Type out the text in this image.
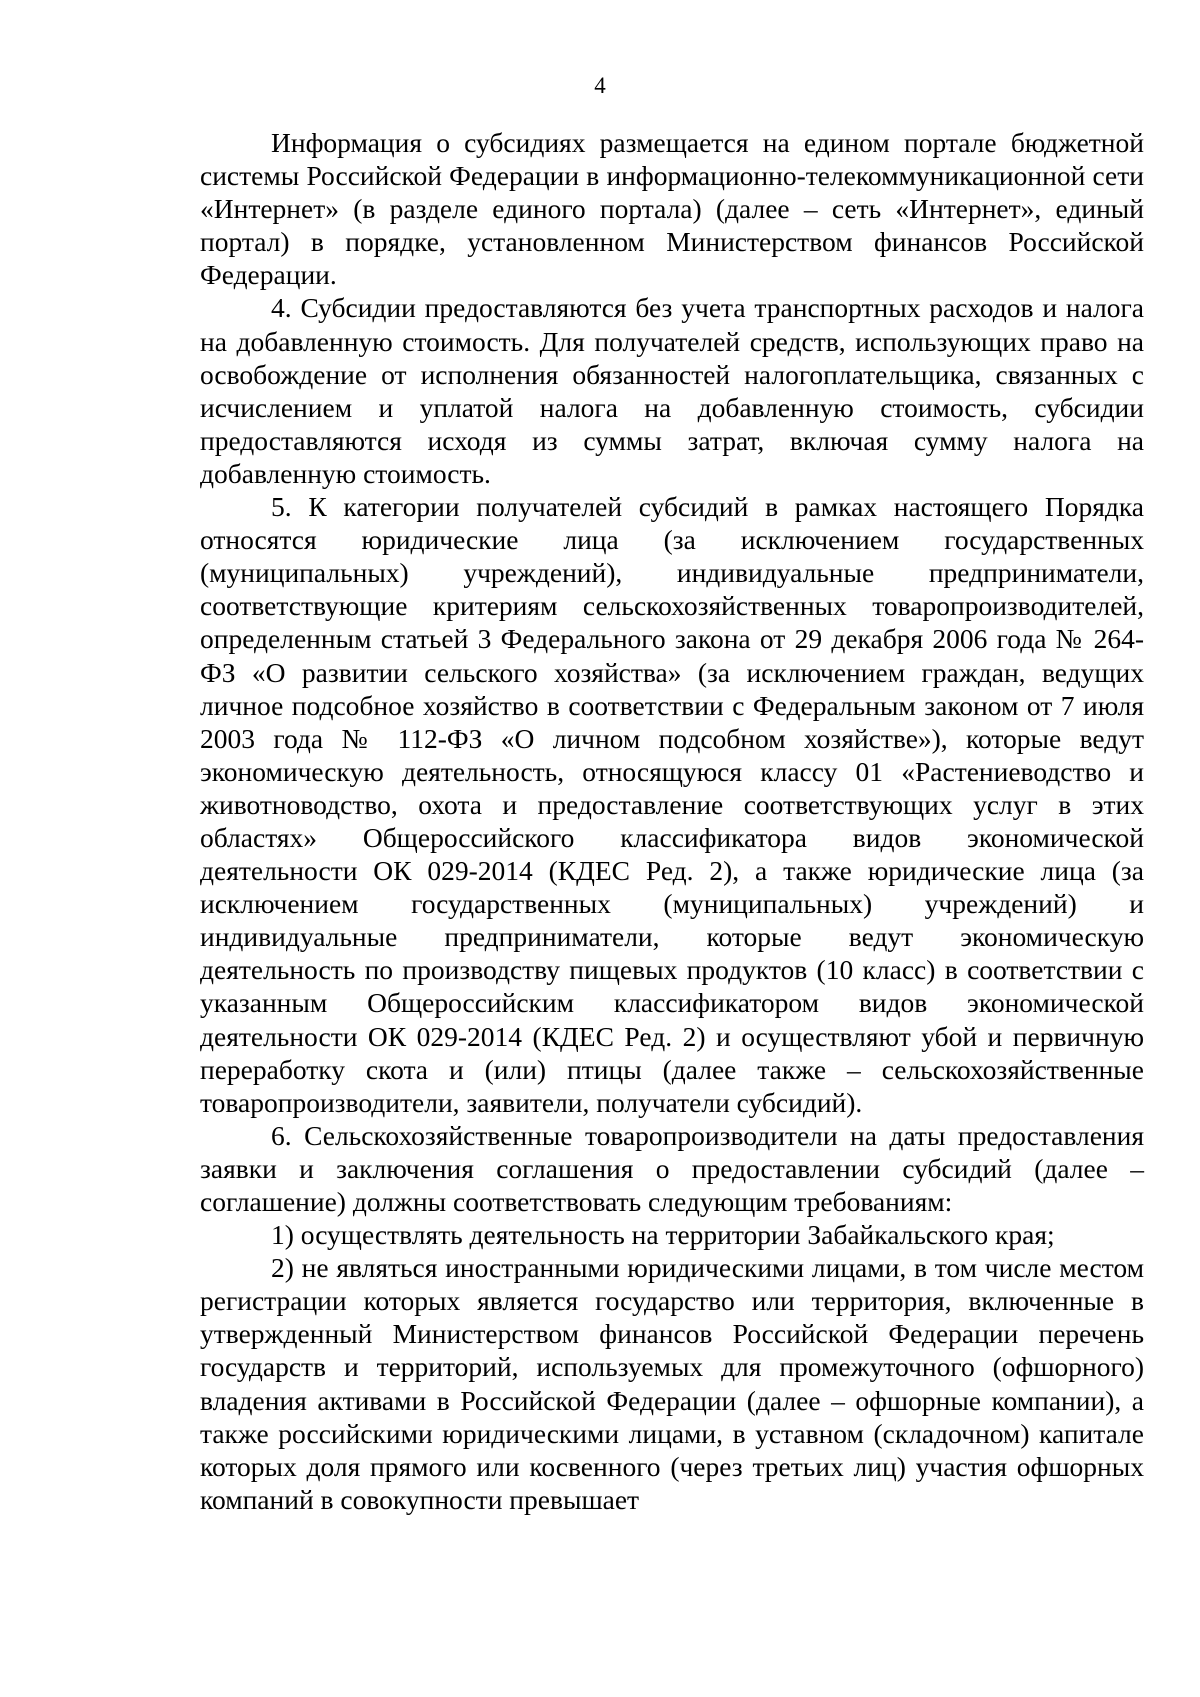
4

Информация о субсидиях размещается на едином портале бюджетной системы Российской Федерации в информационно-телекоммуникационной сети «Интернет» (в разделе единого портала) (далее – сеть «Интернет», единый портал) в порядке, установленном Министерством финансов Российской Федерации.

4. Субсидии предоставляются без учета транспортных расходов и налога на добавленную стоимость. Для получателей средств, использующих право на освобождение от исполнения обязанностей налогоплательщика, связанных с исчислением и уплатой налога на добавленную стоимость, субсидии предоставляются исходя из суммы затрат, включая сумму налога на добавленную стоимость.

5. К категории получателей субсидий в рамках настоящего Порядка относятся юридические лица (за исключением государственных (муниципальных) учреждений), индивидуальные предприниматели, соответствующие критериям сельскохозяйственных товаропроизводителей, определенным статьей 3 Федерального закона от 29 декабря 2006 года № 264-ФЗ «О развитии сельского хозяйства» (за исключением граждан, ведущих личное подсобное хозяйство в соответствии с Федеральным законом от 7 июля 2003 года № 112-ФЗ «О личном подсобном хозяйстве»), которые ведут экономическую деятельность, относящуюся классу 01 «Растениеводство и животноводство, охота и предоставление соответствующих услуг в этих областях» Общероссийского классификатора видов экономической деятельности ОК 029-2014 (КДЕС Ред. 2), а также юридические лица (за исключением государственных (муниципальных) учреждений) и индивидуальные предприниматели, которые ведут экономическую деятельность по производству пищевых продуктов (10 класс) в соответствии с указанным Общероссийским классификатором видов экономической деятельности ОК 029-2014 (КДЕС Ред. 2) и осуществляют убой и первичную переработку скота и (или) птицы (далее также – сельскохозяйственные товаропроизводители, заявители, получатели субсидий).

6. Сельскохозяйственные товаропроизводители на даты предоставления заявки и заключения соглашения о предоставлении субсидий (далее – соглашение) должны соответствовать следующим требованиям:

1) осуществлять деятельность на территории Забайкальского края;

2) не являться иностранными юридическими лицами, в том числе местом регистрации которых является государство или территория, включенные в утвержденный Министерством финансов Российской Федерации перечень государств и территорий, используемых для промежуточного (офшорного) владения активами в Российской Федерации (далее – офшорные компании), а также российскими юридическими лицами, в уставном (складочном) капитале которых доля прямого или косвенного (через третьих лиц) участия офшорных компаний в совокупности превышает
